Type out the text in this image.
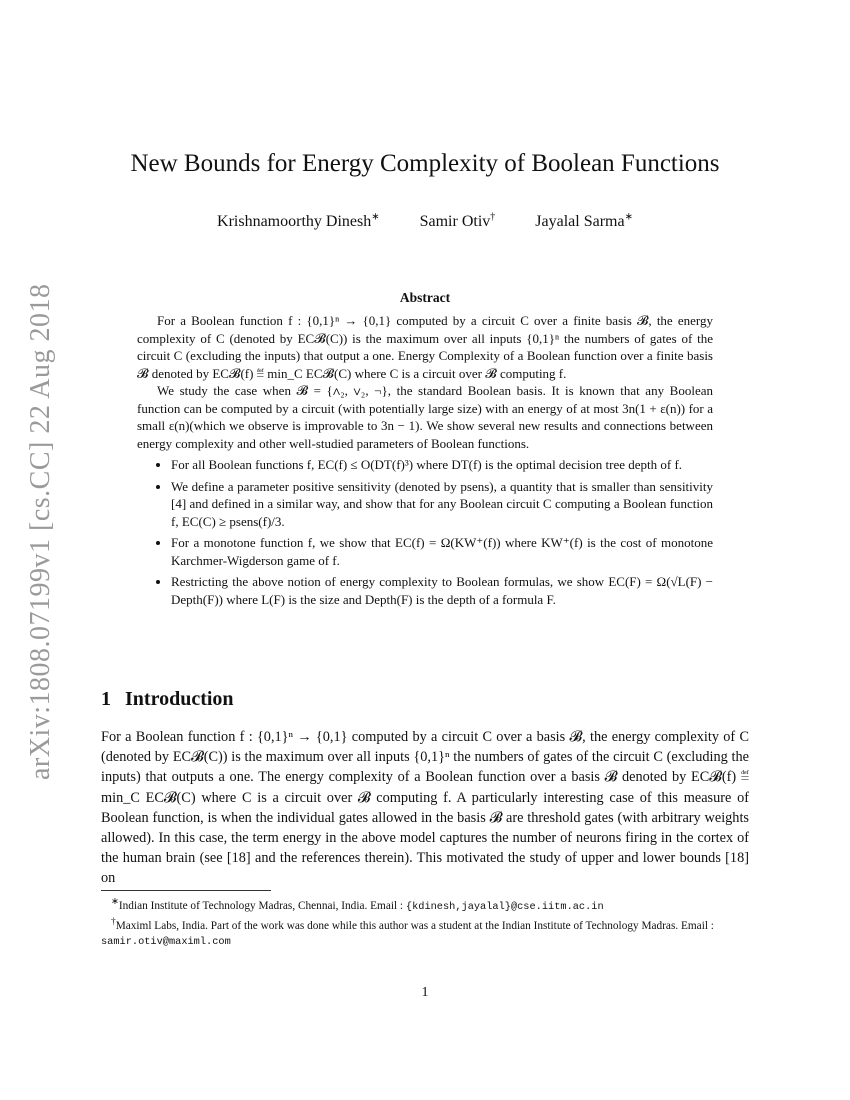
arXiv:1808.07199v1 [cs.CC] 22 Aug 2018
New Bounds for Energy Complexity of Boolean Functions
Krishnamoorthy Dinesh∗	Samir Otiv†	Jayalal Sarma∗
Abstract

For a Boolean function f : {0,1}ⁿ → {0,1} computed by a circuit C over a finite basis 𝓑, the energy complexity of C (denoted by EC𝓑(C)) is the maximum over all inputs {0,1}ⁿ the numbers of gates of the circuit C (excluding the inputs) that output a one. Energy Complexity of a Boolean function over a finite basis 𝓑 denoted by EC𝓑(f) ≝ min_C EC𝓑(C) where C is a circuit over 𝓑 computing f.

We study the case when 𝓑 = {∧₂, ∨₂, ¬}, the standard Boolean basis. It is known that any Boolean function can be computed by a circuit (with potentially large size) with an energy of at most 3n(1 + ε(n)) for a small ε(n)(which we observe is improvable to 3n − 1). We show several new results and connections between energy complexity and other well-studied parameters of Boolean functions.

• For all Boolean functions f, EC(f) ≤ O(DT(f)³) where DT(f) is the optimal decision tree depth of f.
• We define a parameter positive sensitivity (denoted by psens), a quantity that is smaller than sensitivity [4] and defined in a similar way, and show that for any Boolean circuit C computing a Boolean function f, EC(C) ≥ psens(f)/3.
• For a monotone function f, we show that EC(f) = Ω(KW⁺(f)) where KW⁺(f) is the cost of monotone Karchmer-Wigderson game of f.
• Restricting the above notion of energy complexity to Boolean formulas, we show EC(F) = Ω(√L(F) − Depth(F)) where L(F) is the size and Depth(F) is the depth of a formula F.
1 Introduction

For a Boolean function f : {0,1}ⁿ → {0,1} computed by a circuit C over a basis 𝓑, the energy complexity of C (denoted by EC𝓑(C)) is the maximum over all inputs {0,1}ⁿ the numbers of gates of the circuit C (excluding the inputs) that outputs a one. The energy complexity of a Boolean function over a basis 𝓑 denoted by EC𝓑(f) ≝ min_C EC𝓑(C) where C is a circuit over 𝓑 computing f. A particularly interesting case of this measure of Boolean function, is when the individual gates allowed in the basis 𝓑 are threshold gates (with arbitrary weights allowed). In this case, the term energy in the above model captures the number of neurons firing in the cortex of the human brain (see [18] and the references therein). This motivated the study of upper and lower bounds [18] on

∗Indian Institute of Technology Madras, Chennai, India. Email : {kdinesh,jayalal}@cse.iitm.ac.in

†Maximl Labs, India. Part of the work was done while this author was a student at the Indian Institute of Technology Madras. Email : samir.otiv@maximl.com

1
